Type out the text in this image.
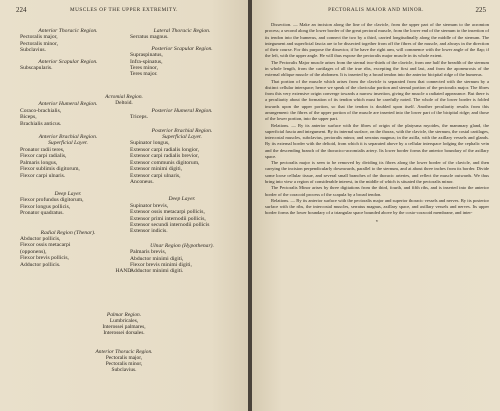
224	MUSCLES OF THE UPPER EXTREMITY.
Anterior Thoracic Region.
Pectoralis major,
Pectoralis minor,
Subclavius.
Anterior Scapular Region.
Subscapularis.
Anterior Humeral Region.
Coraco-brachialis,
Biceps,
Brachialis anticus.
Anterior Brachial Region.
Superficial Layer.
Pronator radii teres,
Flexor carpi radialis,
Palmaris longus,
Flexor sublimis digitorum,
Flexor carpi ulnaris.
Deep Layer.
Flexor profundus digitorum,
Flexor longus pollicis,
Pronator quadratus.
Radial Region (Thenar).
Abductor pollicis,
Flexor ossis metacarpi
(opponens),
Flexor brevis pollicis,
Adductor pollicis.
Lateral Thoracic Region.
Serratus magnus.
Posterior Scapular Region.
Supraspinatus,
Infra-spinatus,
Teres minor,
Teres major.
Posterior Humeral Region.
Triceps.
Posterior Brachial Region.
Superficial Layer.
Supinator longus,
Extensor carpi radialis longior,
Extensor carpi radialis brevior,
Extensor communis digitorum,
Extensor minimi digiti,
Extensor carpi ulnaris,
Anconeus.
Deep Layer.
Supinator brevis,
Extensor ossis metacarpi pollicis,
Extensor primi internodii pollicis,
Extensor secundi internodii pollicis
Extensor indicis.
Ulnar Region (Hypothenar).
Palmaris brevis,
Abductor minimi digiti,
Flexor brevis minimi digiti,
Adductor minimi digiti.
Acromial Region.
Deltoid.
HAND.
Palmar Region.
Lumbricales,
Interossei palmares,
Interossei dorsales.
Anterior Thoracic Region.
Pectoralis major,
Pectoralis minor,
Subclavius.
PECTORALIS MAJOR AND MINOR.	225

Dissection. — Make an incision along the line of the clavicle, from the upper part of the sternum to the acromion process; a second along the lower border of the great pectoral muscle, from the lower end of the sternum to the insertion of its tendon into the humerus, and connect the two by a third, carried longitudinally along the middle of the sternum. The integument and superficial fascia are to be dissected together from off the fibres of the muscle, and always in the direction of their course. For this purpose the dissector, if he have the right arm, will commence with the lower angle of the flap; if the left, with the upper angle. He will thus expose the pectoralis major muscle in its whole extent.

The Pectoralis Major muscle arises from the sternal two-thirds of the clavicle, from one half the breadth of the sternum in whole length, from the cartilages of all the true ribs, excepting the first and last, and from the aponeurosis of the external oblique muscle of the abdomen. It is inserted by a broad tendon into the anterior bicipital ridge of the humerus.

That portion of the muscle which arises from the clavicle is separated from that connected with the sternum by a distinct cellular interspace; hence we speak of the clavicular portion and sternal portion of the pectoralis major. The fibres from this very extensive origin converge towards a narrow insertion, giving the muscle a radiated appearance. But there is a peculiarity about the formation of its tendon which must be carefully noted. The whole of the lower border is folded inwards upon the upper portion, so that the tendon is doubled upon itself. Another peculiarity results from this arrangement: the fibres of the upper portion of the muscle are inserted into the lower part of the bicipital ridge; and those of the lower portion, into the upper part.

Relations. — By its anterior surface with the fibres of origin of the platysma myoides, the mammary gland, the superficial fascia and integument. By its internal surface, on the thorax, with the clavicle, the sternum, the costal cartilages, intercostal muscles, subclavius, pectoralis minor, and serratus magnus; in the axilla, with the axillary vessels and glands. By its external border with the deltoid, from which it is separated above by a cellular interspace lodging the cephalic vein and the descending branch of the thoracico-acromialis artery. Its lower border forms the anterior boundary of the axillary space.

The pectoralis major is seen to be removed by dividing its fibres along the lower border of the clavicle, and then carrying the incision perpendicularly downwards, parallel to the sternum, and at about three inches from its border. Divide some loose cellular tissue, and several small branches of the thoracic arteries, and reflect the muscle outwards. We thus bring into view a region of considerable interest, in the middle of which is situated the pectoralis minor.

The Pectoralis Minor arises by three digitations from the third, fourth, and fifth ribs, and is inserted into the anterior border of the coracoid process of the scapula by a broad tendon.

Relations. — By its anterior surface with the pectoralis major and superior thoracic vessels and nerves. By its posterior surface with the ribs, the intercostal muscles, serratus magnus, axillary space, and axillary vessels and nerves. Its upper border forms the lower boundary of a triangular space bounded above by the costo-coracoid membrane, and inter-

v
